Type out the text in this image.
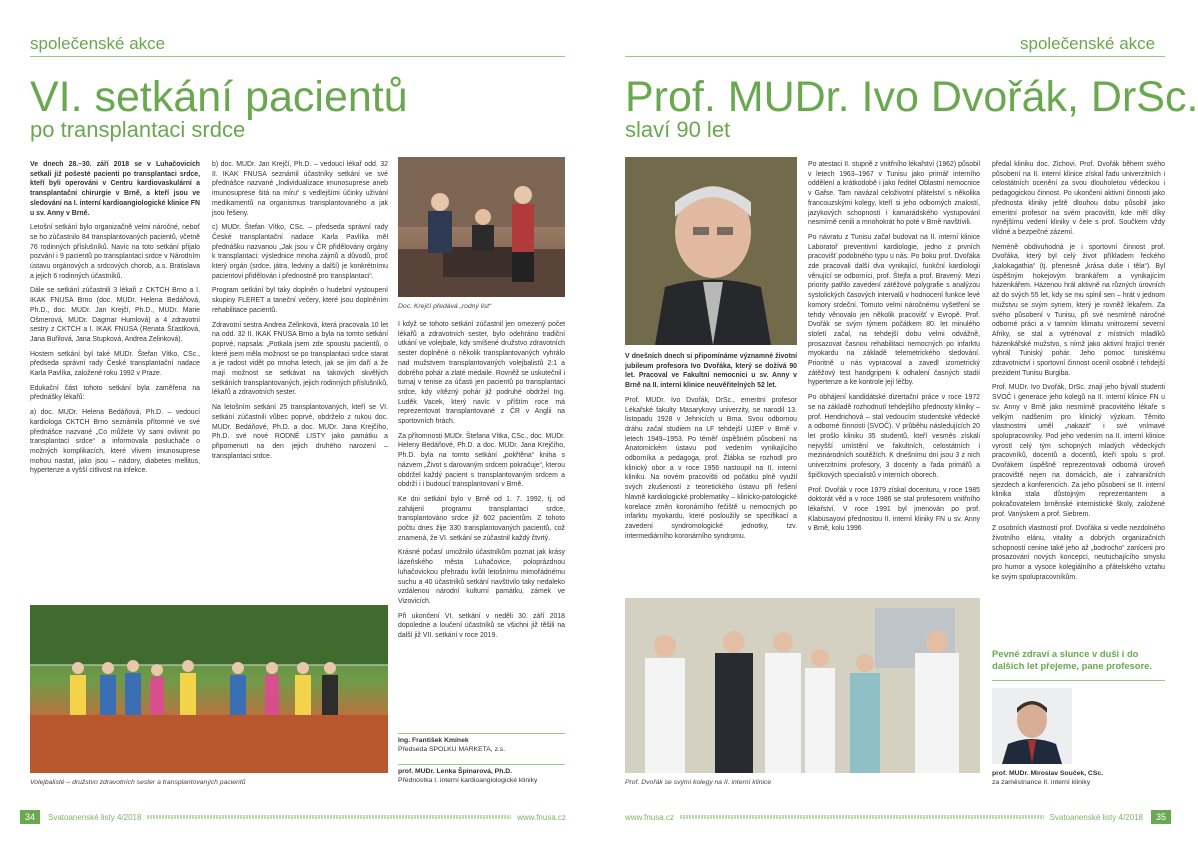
společenské akce
VI. setkání pacientů
po transplantaci srdce

Ve dnech 28.–30. září 2018 se v Luhačovicích setkali již pošesté pacienti po transplantaci srdce, kteří byli operováni v Centru kardiovaskulární a transplantační chirurgie v Brně, a kteří jsou ve sledování na I. interní kardioangiologické klinice FN u sv. Anny v Brně.

Letošní setkání bylo organizačně velmi náročné, neboť se ho zúčastnilo 84 transplantovaných pacientů, včetně 76 rodinných příslušníků. Navíc na toto setkání přijalo pozvání i 9 pacientů po transplantaci srdce v Národním ústavu orgánových a srdcových chorob, a.s. Bratislava a jejich 6 rodinných účastníků.

Dále se setkání zúčastnili 3 lékaři z CKTCH Brno a I. IKAK FNUSA Brno (doc. MUDr. Helena Bedáňová, Ph.D., doc. MUDr. Jan Krejčí, Ph.D., MUDr. Marie Ošmerová, MUDr. Dagmar Humlová) a 4 zdravotní sestry z CKTCH a I. IKAK FNUSA (Renata Šťastková, Jana Buřilová, Jana Stupková, Andrea Zelinková).

Hostem setkání byl také MUDr. Štefan Vítko, CSc., předseda správní rady České transplantační nadace Karla Pavlíka, založené roku 1992 v Praze.

Edukační část tohoto setkání byla zaměřena na přednášky lékařů:

a) doc. MUDr. Helena Bedáňová, Ph.D. – vedoucí kardiologa CKTCH Brno seznámila přítomné ve své přednášce nazvané „Co můžete Vy sami ovlivnit po transplantaci srdce“ a informovala posluchače o možných komplikacích, které vlivem imunosuprese mohou nastat, jako jsou – nádory, diabetes mellitus, hypertenze a vyšší citlivost na infekce.

b) doc. MUDr. Jan Krejčí, Ph.D. – vedoucí lékař odd. 32 II. IKAK FNUSA seznámil účastníky setkání ve své přednášce nazvané „Individualizace imunosuprese aneb imunosuprese šitá na míru“ s vedlejšími účinky užívání medikamentů na organismus transplantovaného a jak jsou řešeny.

c) MUDr. Štefan Vítko, CSc. – předseda správní rady České transplantační nadace Karla Pavlíka měl přednášku nazvanou „Jak jsou v ČR přidělovány orgány k transplantaci: výslednice mnoha zájmů a důvodů, proč který orgán (srdce, játra, ledviny a další) je konkrétnímu pacientovi přidělován i přednostně pro transplantaci“.

Program setkání byl taky doplněn o hudební vystoupení skupiny FLERET a taneční večery, které jsou doplněním rehabilitace pacientů.

Zdravotní sestra Andrea Zelinková, která pracovala 10 let na odd. 32 II. IKAK FNUSA Brno a byla na tomto setkání poprvé, napsala: „Potkala jsem zde spoustu pacientů, o které jsem měla možnost se po transplantaci srdce starat a je radost vidět po mnoha letech, jak se jim daří a že mají možnost se setkávat na takových skvělých setkáních transplantovaných, jejich rodinných příslušníků, lékařů a zdravotních sester.

Na letošním setkání 25 transplantovaných, kteří se VI. setkání zúčastnili vůbec poprvé, obdrželo z rukou doc. MUDr. Bedáňové, Ph.D. a doc. MUDr. Jana Krejčího, Ph.D. své nové RODNÉ LISTY jako památku a připomenutí na den jejich druhého narození – transplantaci srdce.

Doc. Krejčí předává „rodný list“

I když se tohoto setkání zúčastnil jen omezený počet lékařů a zdravotních sester, bylo odehráno tradiční utkání ve volejbale, kdy smíšené družstvo zdravotních sester doplněné o několik transplantovaných vyhrálo nad mužstvem transplantovaných volejbalistů 2:1 a dobrého pohár a zlaté medaile. Rovněž se uskutečnil i turnaj v tenise za účasti jen pacientů po transplantaci srdce, kdy vítězný pohár již podruhé obdržel Ing. Luděk Vacek, který navíc v příštím roce má reprezentovat transplantované z ČR v Anglii na sportovních hrách.

Za přítomnosti MUDr. Štefana Vítka, CSc., doc. MUDr. Heleny Bedáňové, Ph.D. a doc. MUDr. Jana Krejčího, Ph.D. byla na tomto setkání „pokřtěna“ kniha s názvem „Život s darovaným srdcem pokračuje“, kterou obdržel každý pacient s transplantovaným srdcem a obdrží i i budoucí transplantovaní v Brně.

Ke dni setkání bylo v Brně od 1. 7. 1992, tj. od zahájení programu transplantací srdce, transplantováno srdce již 602 pacientům. Z tohoto počtu dnes žije 330 transplantovaných pacientů, což znamená, že VI. setkání se zúčastnil každý čtvrtý.

Krásné počasí umožnilo účastníkům poznat jak krásy lázeňského města Luhačovice, poloprázdnou luhačovickou přehradu kvůli letošnímu mimořádnému suchu a 40 účastníků setkání navštívilo taky nedaleko vzdálenou národní kulturní památku, zámek ve Vizovicích.

Při ukončení VI. setkání v neděli 30. září 2018 dopoledne a loučení účastníků se všichni již těšili na další již VII. setkání v roce 2019.

Volejbalisté – družstvo zdravotních sester a transplantovaných pacientů
Ing. František Kmínek
Předseda SPOLKU MARKETA, z.s.
prof. MUDr. Lenka Špinarová, Ph.D.
Přednostka I. interní kardioangiologické kliniky
34	Svatoanenské listy 4/2018	www.fnusa.cz
společenské akce
Prof. MUDr. Ivo Dvořák, DrSc.
slaví 90 let

V dnešních dnech si připomínáme významné životní jubileum profesora Ivo Dvořáka, který se dožívá 90 let. Pracoval ve Fakultní nemocnici u sv. Anny v Brně na II. interní klinice neuvěřitelných 52 let.

Prof. MUDr. Ivo Dvořák, DrSc., emeritní profesor Lékařské fakulty Masarykovy univerzity, se narodil 13. listopadu 1928 v Jehnicích u Brna. Svou odbornou dráhu začal studiem na LF tehdejší UJEP v Brně v letech 1949–1953. Po téměř úspěšném působení na Anatomickém ústavu pod vedením vynikajícího odborníka a pedagoga, prof. Žlábka se rozhodl pro klinický obor a v roce 1956 nastoupil na II. interní kliniku. Na novém pracovišti od počátku plně využil svých zkušeností z teoretického ústavu při řešení hlavně kardiologické problematiky – klinicko-patologické korelace změn koronárního řečiště u nemocných po infarktu myokardu, které posloužily se specifikací a zavedení syndromologické jednotky, tzv. intermediárního koronárního syndromu.

Po atestaci II. stupně z vnitřního lékařství (1962) působil v letech 1963–1967 v Tunisu jako primář interního oddělení a krátkodobě i jako ředitel Oblastní nemocnice v Gafse. Tam navázal celoživotní přátelství s několika francouzskými kolegy, kteří si jeho odborných znalostí, jazykových schopností i kamarádského vystupování nesmírně cenili a mnohokrát ho poté v Brně navštívili.

Po návratu z Tunisu začal budovat na II. interní klinice Laboratoř preventivní kardiologie, jedno z prvních pracovišť podobného typu u nás. Po boku prof. Dvořáka zde pracovali další dva vynikající, funkční kardiologii věnující se odborníci, prof. Štejfa a prof. Bravený. Mezi priority patřilo zavedení zátěžové polygrafie s analýzou systolických časových intervalů v hodnocení funkce levé komory srdeční. Tomuto velmi náročnému vyšetření se tehdy věnovalo jen několik pracovišť v Evropě. Prof. Dvořák se svým týmem počátkem 80. let minulého století začal, na tehdejší dobu velmi odvážně, prosazovat časnou rehabilitaci nemocných po infarktu myokardu na základě telemetrického sledování. Prioritně u nás vypracoval a zavedl izometrický zátěžový test handgripem k odhalení časných stadií hypertenze a ke kontrole její léčby.

Po obhájení kandidátské dizertační práce v roce 1972 se na základě rozhodnutí tehdejšího přednosty kliniky – prof. Hendrichová – stal vedoucím studentské vědecké a odborné činnosti (SVOČ). V průběhu následujících 20 let prošlo kliniku 35 studentů, kteří vesměs získali nejvyšší umístění ve fakultních, celostátních i mezinárodních soutěžích. K dnešnímu dni jsou 3 z nich univerzitními profesory, 3 docenty a řada primářů a špičkových specialistů v interních oborech.

Prof. Dvořák v roce 1979 získal docenturu, v roce 1985 doktorát věd a v roce 1986 se stal profesorem vnitřního lékařství. V roce 1991 byl jmenován po prof. Klabusayovi přednostou II. interní kliniky FN u sv. Anny v Brně, kolu 1996

předal kliniku doc. Zichovi. Prof. Dvořák během svého působení na II. interní klinice získal řadu univerzitních i celostátních ocenění za svou dlouholetou vědeckou i pedagogickou činnost. Po ukončení aktivní činnosti jako přednosta kliniky ještě dlouhou dobu působil jako emeritní profesor na svém pracovišti, kde měl díky nynějšímu vedení kliniky v čele s prof. Součkem vždy vlídné a bezpečné zázemí.

Neméně obdivuhodná je i sportovní činnost prof. Dvořáka, který byl celý život příkladem řeckého „kalokagathia“ (tj. přenesně „krása duše i těla“). Byl úspěšným hokejovým brankářem a vynikajícím házenkářem. Házenou hrál aktivně na různých úrovních až do svých 55 let, kdy se mu splnil sen – hrát v jednom mužstvu se svým synem, který je rovněž lékařem. Za svého působení v Tunisu, při své nesmírně náročné odborné práci a v tamním klimatu vnitrozemí severní Afriky, se stal a vytrénoval z místních mladíků házenkářské mužstvo, s nímž jako aktivní hrající trenér vyhrál Tuniský pohár. Jeho pomoc tuniskému zdravotnictví i sportovní činnost ocenil osobně i tehdejší prezident Tunisu Burgiba.

Prof. MUDr. Ivo Dvořák, DrSc. znají jeho bývalí studenti SVOČ i generace jeho kolegů na II. interní klinice FN u sv. Anny v Brně jako nesmírně pracovitého lékaře s velkým nadšením pro klinický výzkum. Těmito vlastnostmi uměl „nakazit“ i své vnímavé spolupracovníky. Pod jeho vedením na II. interní klinice vyrostl celý tým schopných mladých vědeckých pracovníků, docentů a docentů, kteří spolu s prof. Dvořákem úspěšně reprezentovali odborná úroveň pracoviště nejen na domácích, ale i zahraničních sjezdech a konferencích. Za jeho působení se II. interní klinika stala důstojným reprezentantem a pokračovatelem brněnské internistické školy, založené prof. Vanýskem a prof. Siebrem.

Z osobních vlastností prof. Dvořáka si vedle nezdolného životního elánu, vitality a dobrých organizačních schopností cenine také jeho až „bodrocho“ zaníceni pro prosazování nových koncepcí, neutuchajícího smyslu pro humor a vysoce kolegiálního a přátelského vztahu ke svým spolupracovníkům.

Pevné zdraví a slunce v duši i do dalších let přejeme, pane profesore.
Prof. Dvořák se svými kolegy na II. interní klinice
prof. MUDr. Miroslav Souček, CSc.
za zaměstnance II. interní kliniky
www.fnusa.cz	Svatoanenské listy 4/2018	35
